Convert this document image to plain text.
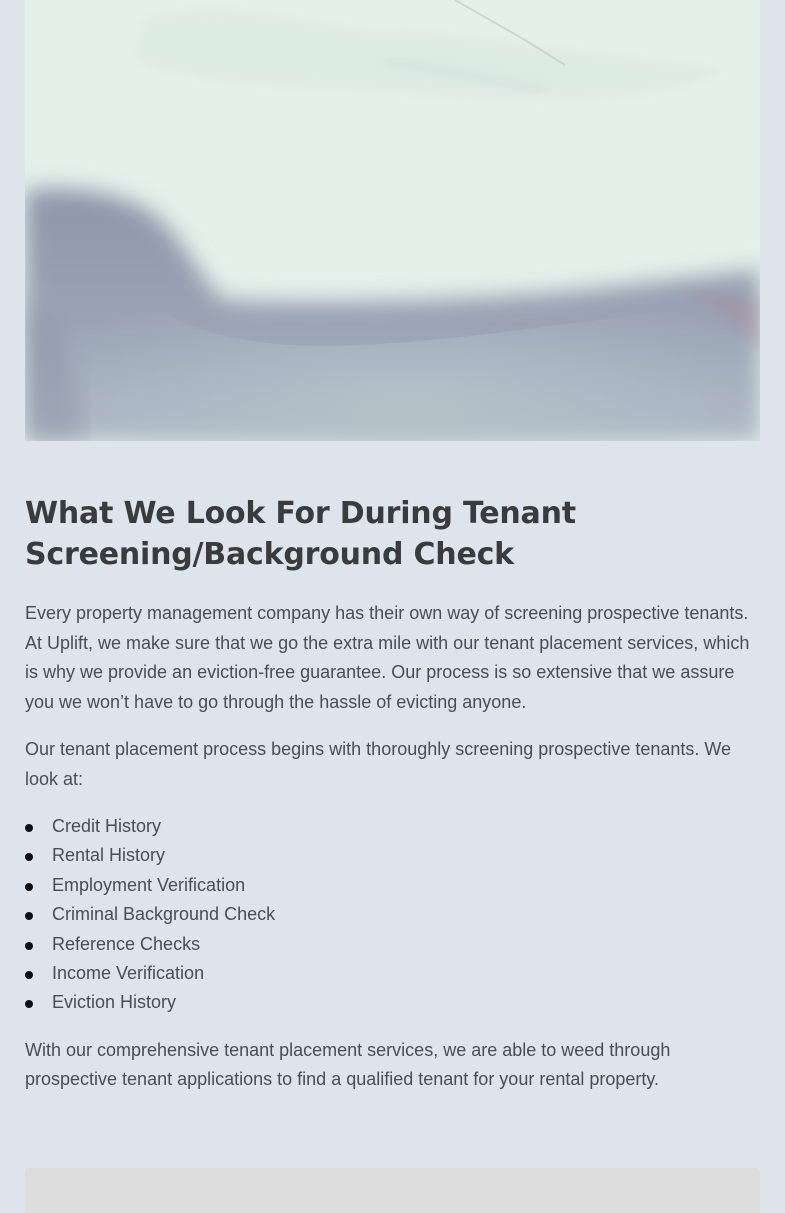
What We Look For During Tenant Screening/Background Check

Every property management company has their own way of screening prospective tenants. At Uplift, we make sure that we go the extra mile with our tenant placement services, which is why we provide an eviction-free guarantee. Our process is so extensive that we assure you we won’t have to go through the hassle of evicting anyone.

Our tenant placement process begins with thoroughly screening prospective tenants. We look at:

Credit History
Rental History
Employment Verification
Criminal Background Check
Reference Checks
Income Verification
Eviction History

With our comprehensive tenant placement services, we are able to weed through prospective tenant applications to find a qualified tenant for your rental property.
